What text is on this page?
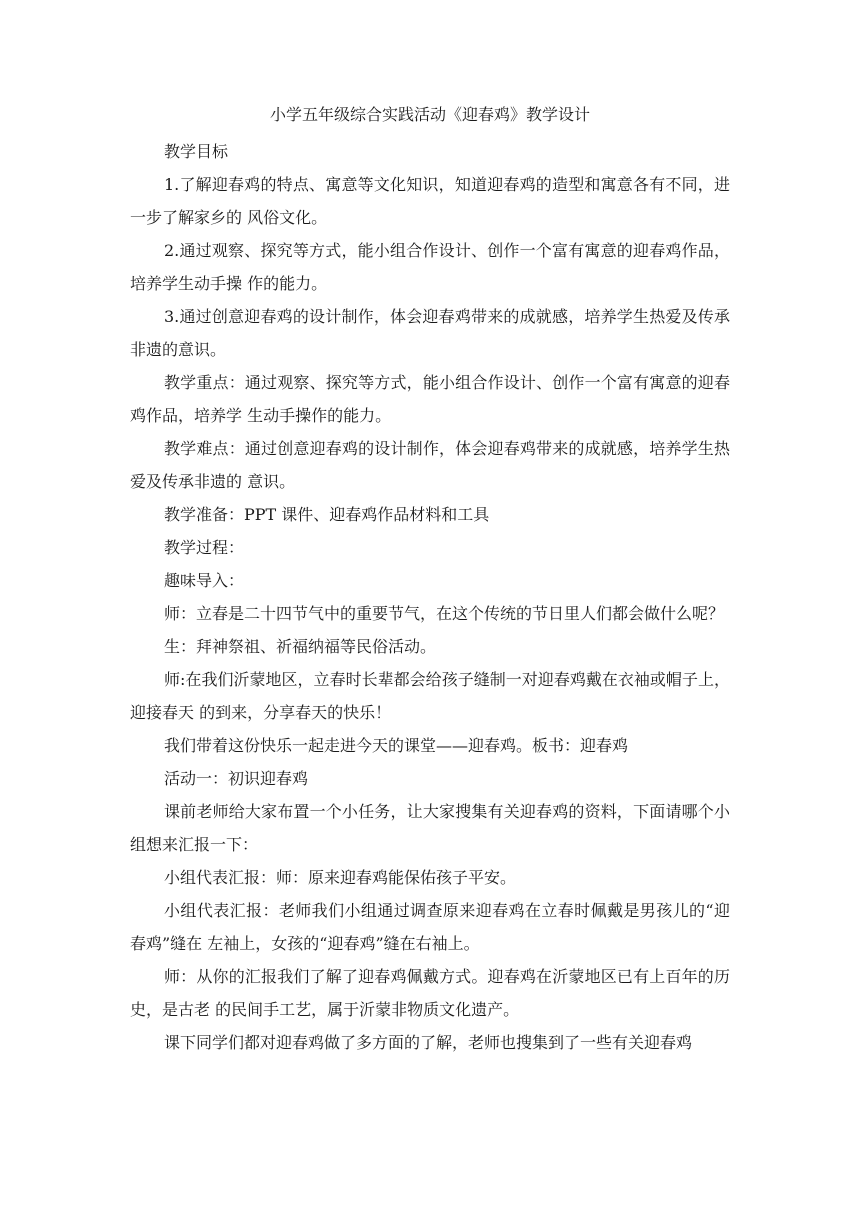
小学五年级综合实践活动《迎春鸡》教学设计

教学目标

1.了解迎春鸡的特点、寓意等文化知识，知道迎春鸡的造型和寓意各有不同，进一步了解家乡的 风俗文化。

2.通过观察、探究等方式，能小组合作设计、创作一个富有寓意的迎春鸡作品，培养学生动手操 作的能力。

3.通过创意迎春鸡的设计制作，体会迎春鸡带来的成就感，培养学生热爱及传承非遗的意识。

教学重点：通过观察、探究等方式，能小组合作设计、创作一个富有寓意的迎春鸡作品，培养学 生动手操作的能力。

教学难点：通过创意迎春鸡的设计制作，体会迎春鸡带来的成就感，培养学生热爱及传承非遗的 意识。

教学准备：PPT 课件、迎春鸡作品材料和工具

教学过程：

趣味导入：

师：立春是二十四节气中的重要节气，在这个传统的节日里人们都会做什么呢？

生：拜神祭祖、祈福纳福等民俗活动。

师:在我们沂蒙地区，立春时长辈都会给孩子缝制一对迎春鸡戴在衣袖或帽子上，迎接春天 的到来，分享春天的快乐！

我们带着这份快乐一起走进今天的课堂——迎春鸡。板书：迎春鸡

活动一：初识迎春鸡

课前老师给大家布置一个小任务，让大家搜集有关迎春鸡的资料，下面请哪个小组想来汇报一下：

小组代表汇报：师：原来迎春鸡能保佑孩子平安。

小组代表汇报：老师我们小组通过调查原来迎春鸡在立春时佩戴是男孩儿的“迎春鸡”缝在 左袖上，女孩的“迎春鸡”缝在右袖上。

师：从你的汇报我们了解了迎春鸡佩戴方式。迎春鸡在沂蒙地区已有上百年的历史，是古老 的民间手工艺，属于沂蒙非物质文化遗产。

课下同学们都对迎春鸡做了多方面的了解，老师也搜集到了一些有关迎春鸡
